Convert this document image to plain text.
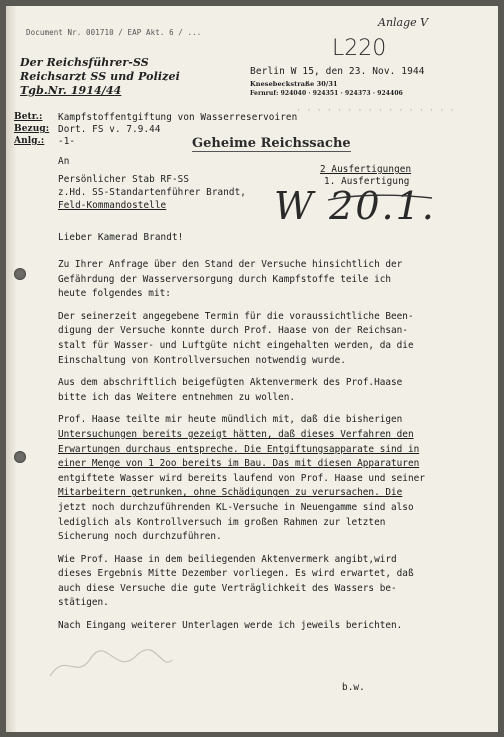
Document Nr. 001710 / EAP Akt. 6 / ...
Anlage V
L220
Der Reichsführer-SS
Reichsarzt SS und Polizei
Tgb.Nr. 1914/44
Berlin W 15, den 23. Nov. 1944
Knesebeckstraße 30/31
Fernruf: 924040 · 924351 · 924373 · 924406
· · · · · · · · · · · · · · · ·
Betr.: Kampfstoffentgiftung von Wasserreservoiren
Bezug: Dort. FS v. 7.9.44
Anlg.: -1-	Geheime Reichssache
2 Ausfertigungen
1. Ausfertigung
An
Persönlicher Stab RF-SS
z.Hd. SS-Standartenführer Brandt,
Feld-Kommandostelle	W 20.1.
Lieber Kamerad Brandt!

Zu Ihrer Anfrage über den Stand der Versuche hinsichtlich der
Gefährdung der Wasserversorgung durch Kampfstoffe teile ich
heute folgendes mit:

Der seinerzeit angegebene Termin für die voraussichtliche Been-
digung der Versuche konnte durch Prof. Haase von der Reichsan-
stalt für Wasser- und Luftgüte nicht eingehalten werden, da die
Einschaltung von Kontrollversuchen notwendig wurde.

Aus dem abschriftlich beigefügten Aktenvermerk des Prof.Haase
bitte ich das Weitere entnehmen zu wollen.

Prof. Haase teilte mir heute mündlich mit, daß die bisherigen
Untersuchungen bereits gezeigt hätten, daß dieses Verfahren den
Erwartungen durchaus entspreche. Die Entgiftungsapparate sind in
einer Menge von 1 2oo bereits im Bau. Das mit diesen Apparaturen
entgiftete Wasser wird bereits laufend von Prof. Haase und seiner
Mitarbeitern getrunken, ohne Schädigungen zu verursachen. Die
jetzt noch durchzuführenden KL-Versuche in Neuengamme sind also
lediglich als Kontrollversuch im großen Rahmen zur letzten
Sicherung noch durchzuführen.

Wie Prof. Haase in dem beiliegenden Aktenvermerk angibt,wird
dieses Ergebnis Mitte Dezember vorliegen. Es wird erwartet, daß
auch diese Versuche die gute Verträglichkeit des Wassers be-
stätigen.

Nach Eingang weiterer Unterlagen werde ich jeweils berichten.

b.w.
